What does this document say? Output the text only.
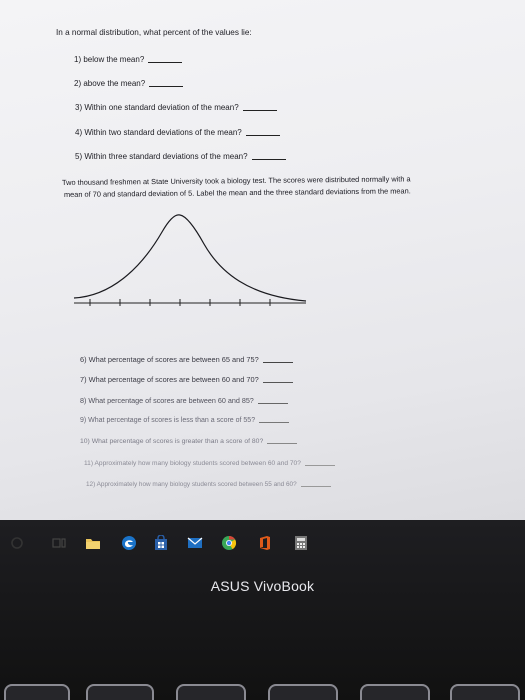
In a normal distribution, what percent of the values lie:
1) below the mean?
2) above the mean?
3) Within one standard deviation of the mean?
4) Within two standard deviations of the mean?
5) Within three standard deviations of the mean?
Two thousand freshmen at State University took a biology test. The scores were distributed normally with a
mean of 70 and standard deviation of 5. Label the mean and the three standard deviations from the mean.
6) What percentage of scores are between 65 and 75?
7) What percentage of scores are between 60 and 70?
8) What percentage of scores are between 60 and 85?
9) What percentage of scores is less than a score of 55?
10) What percentage of scores is greater than a score of 80?
11) Approximately how many biology students scored between 60 and 70?
12) Approximately how many biology students scored between 55 and 60?
ASUS VivoBook
